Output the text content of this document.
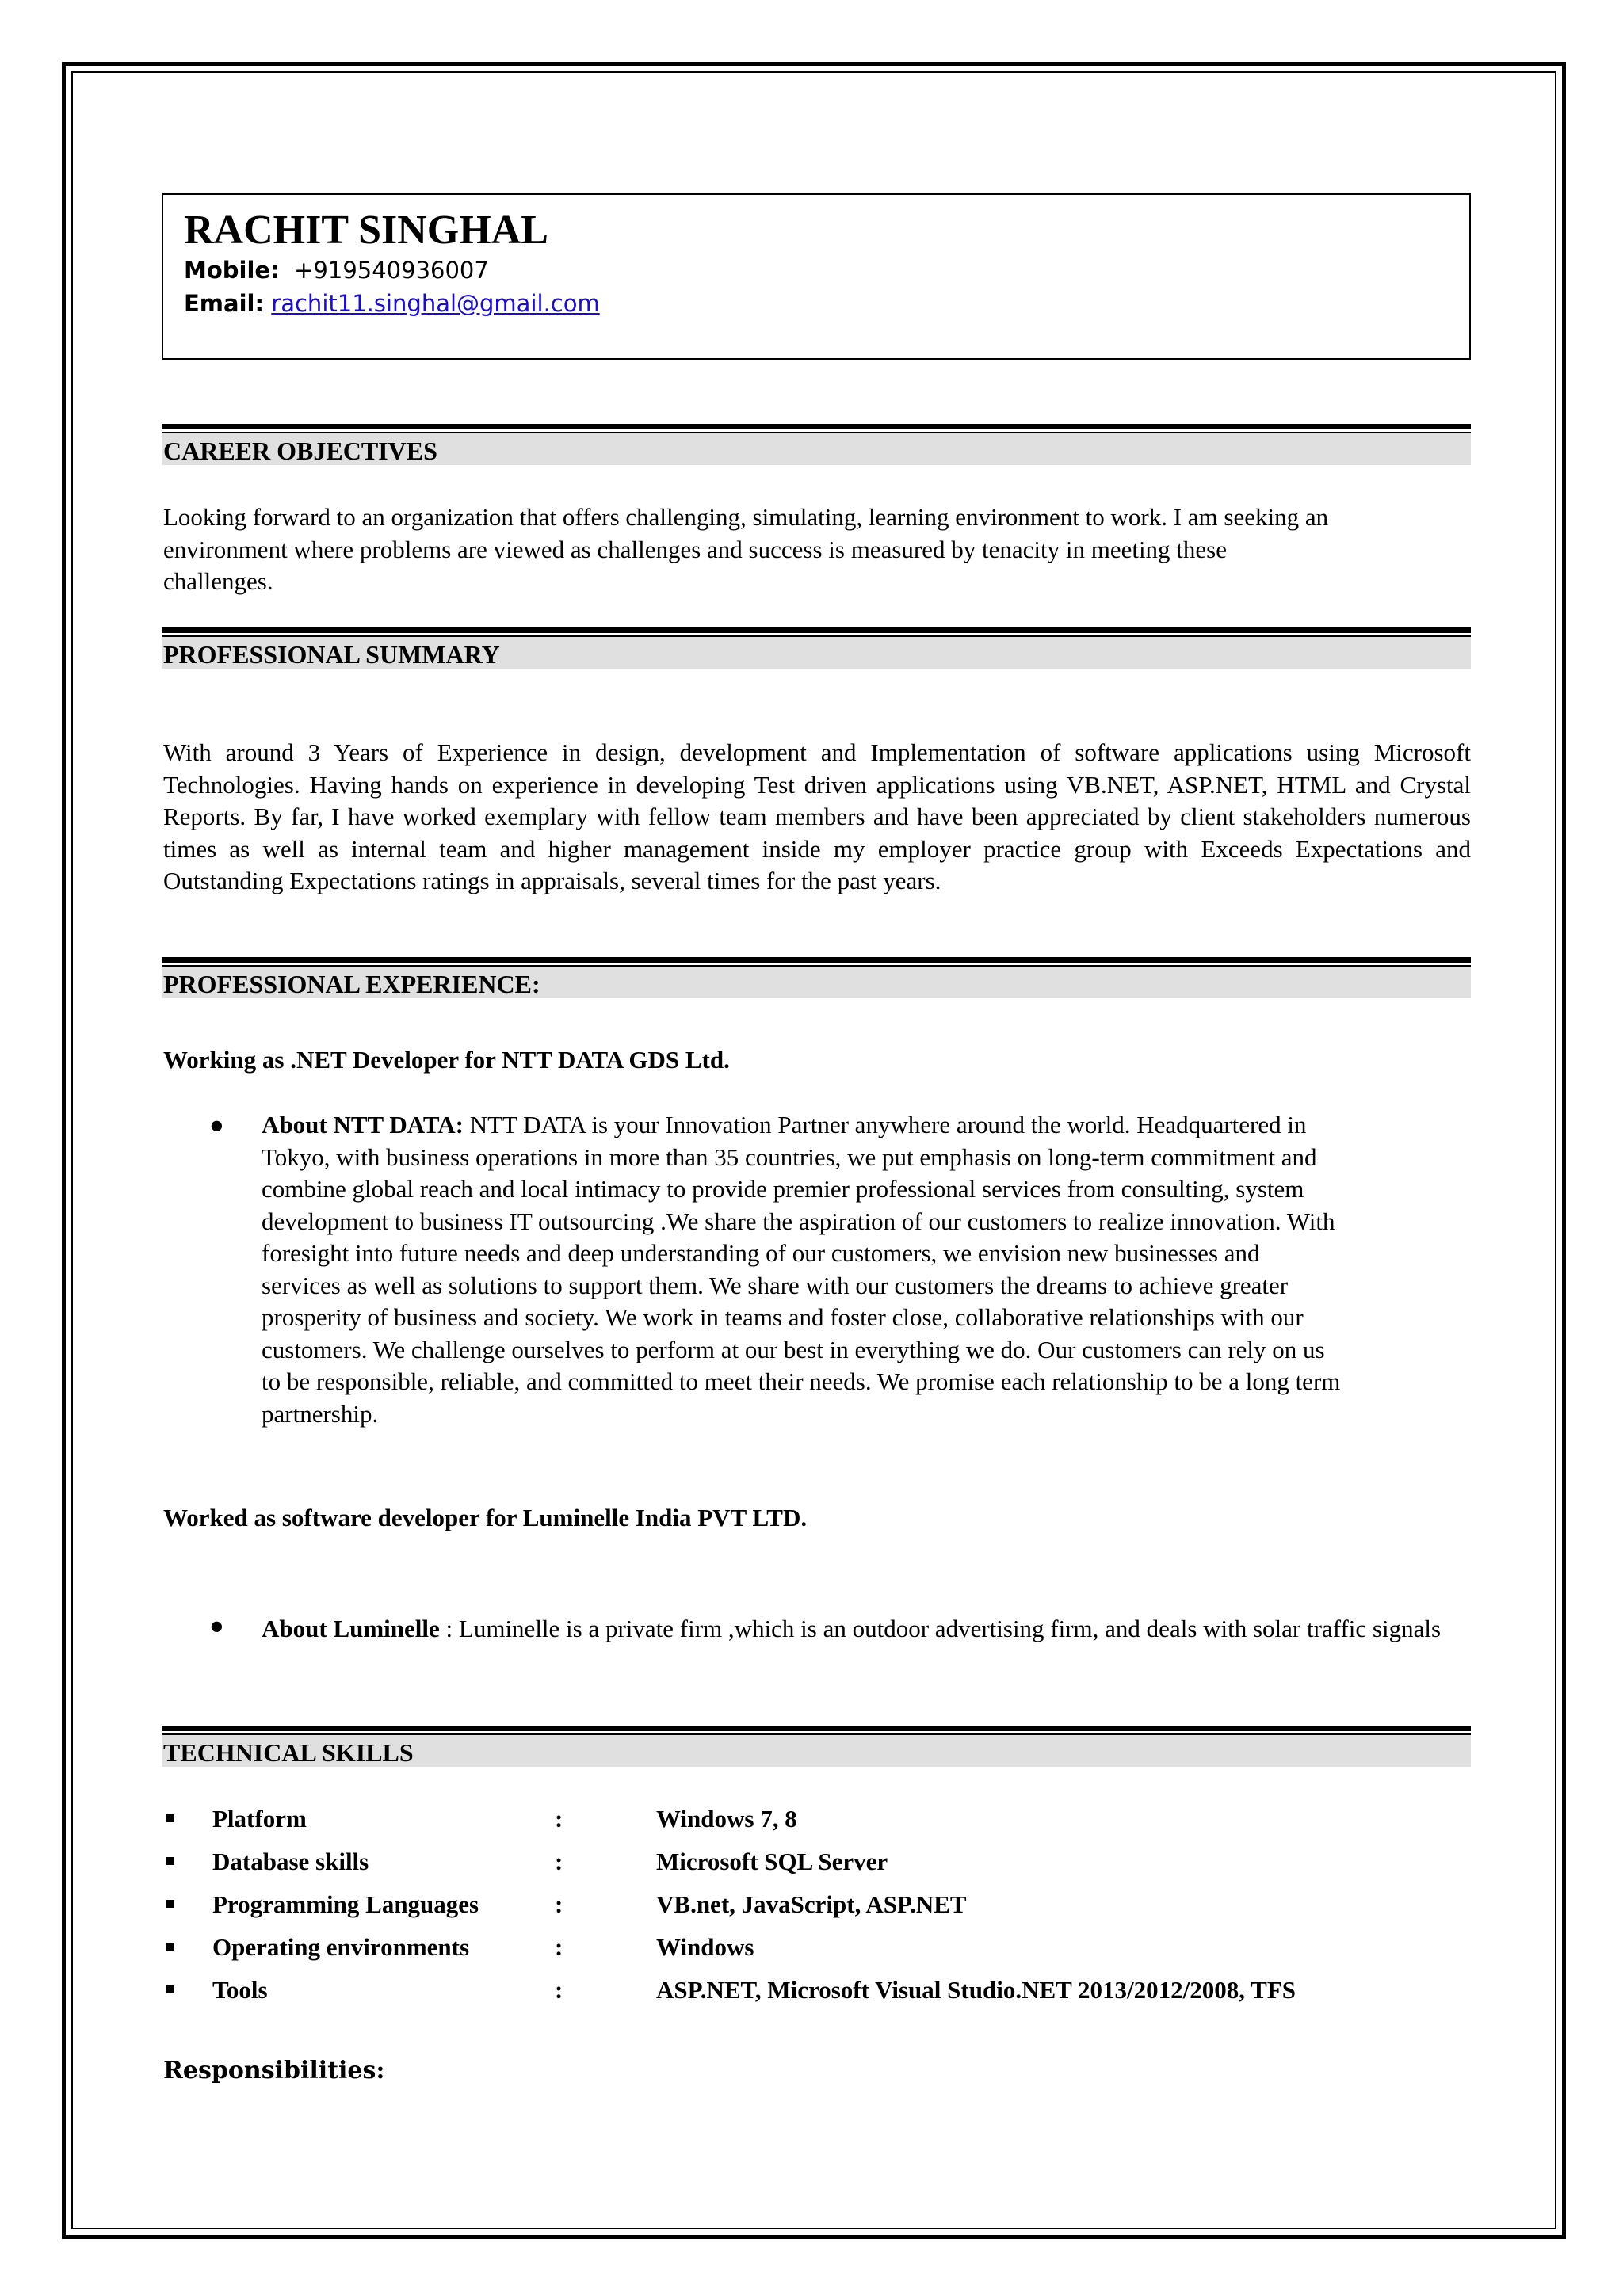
RACHIT SINGHAL
Mobile: +919540936007
Email: rachit11.singhal@gmail.com
CAREER OBJECTIVES
Looking forward to an organization that offers challenging, simulating, learning environment to work. I am seeking an
environment where problems are viewed as challenges and success is measured by tenacity in meeting these
challenges.
PROFESSIONAL SUMMARY

With around 3 Years of Experience in design, development and Implementation of software applications using Microsoft Technologies. Having hands on experience in developing Test driven applications using VB.NET, ASP.NET, HTML and Crystal Reports. By far, I have worked exemplary with fellow team members and have been appreciated by client stakeholders numerous times as well as internal team and higher management inside my employer practice group with Exceeds Expectations and Outstanding Expectations ratings in appraisals, several times for the past years.

PROFESSIONAL EXPERIENCE:
Working as .NET Developer for NTT DATA GDS Ltd.
● About NTT DATA: NTT DATA is your Innovation Partner anywhere around the world. Headquartered in
Tokyo, with business operations in more than 35 countries, we put emphasis on long-term commitment and
combine global reach and local intimacy to provide premier professional services from consulting, system
development to business IT outsourcing .We share the aspiration of our customers to realize innovation. With
foresight into future needs and deep understanding of our customers, we envision new businesses and
services as well as solutions to support them. We share with our customers the dreams to achieve greater
prosperity of business and society. We work in teams and foster close, collaborative relationships with our
customers. We challenge ourselves to perform at our best in everything we do. Our customers can rely on us
to be responsible, reliable, and committed to meet their needs. We promise each relationship to be a long term
partnership.
Worked as software developer for Luminelle India PVT LTD.
● About Luminelle : Luminelle is a private firm ,which is an outdoor advertising firm, and deals with solar traffic signals
TECHNICAL SKILLS
Platform	:	Windows 7, 8
Database skills	:	Microsoft SQL Server
Programming Languages	:	VB.net, JavaScript, ASP.NET
Operating environments	:	Windows
Tools	:	ASP.NET, Microsoft Visual Studio.NET 2013/2012/2008, TFS
Responsibilities:
